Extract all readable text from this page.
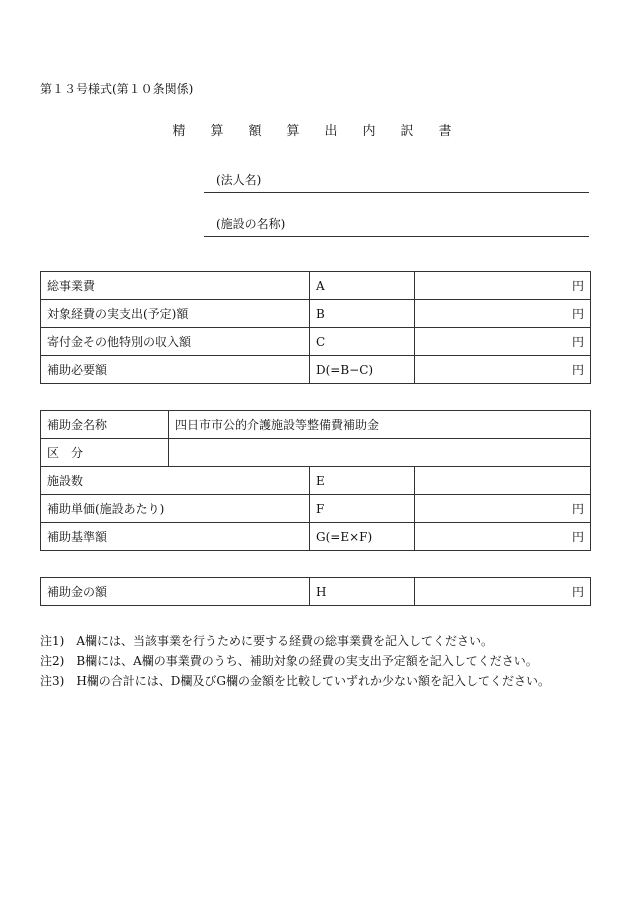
第１３号様式(第１０条関係)
精　算　額　算　出　内　訳　書
(法人名)
(施設の名称)
総事業費	A	円
対象経費の実支出(予定)額	B	円
寄付金その他特別の収入額	C	円
補助必要額	D(=B−C)	円
補助金名称	四日市市公的介護施設等整備費補助金		
区　分			
施設数		E	
補助単価(施設あたり)		F	円
補助基準額		G(=E×F)	円
補助金の額	H	円
注1)　A欄には、当該事業を行うために要する経費の総事業費を記入してください。
注2)　B欄には、A欄の事業費のうち、補助対象の経費の実支出予定額を記入してください。
注3)　H欄の合計には、D欄及びG欄の金額を比較していずれか少ない額を記入してください。
